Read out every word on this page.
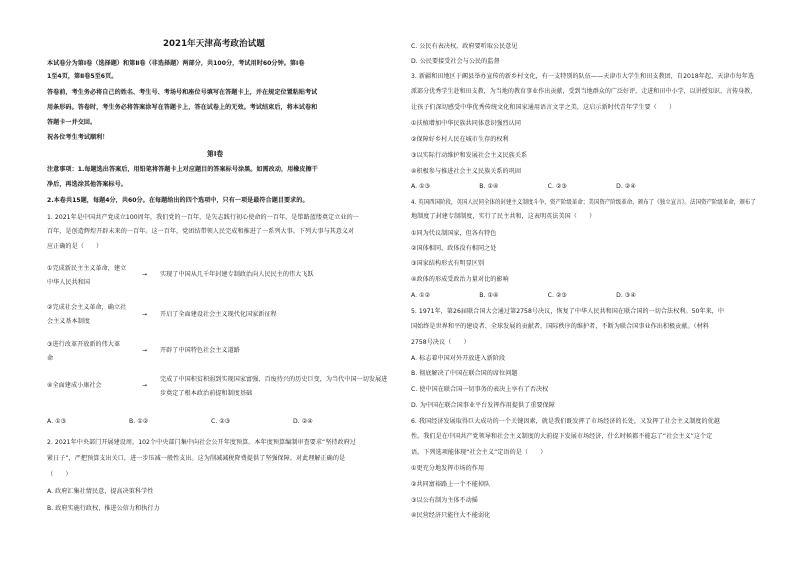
2021年天津高考政治试题
本试卷分为第Ⅰ卷（选择题）和第Ⅱ卷（非选择题）两部分，共100分，考试用时60分钟。第Ⅰ卷
1至4页，第Ⅱ卷5至6页。
答卷前，考生务必将自己的姓名、考生号、考场号和座位号填写在答题卡上，并在规定位置粘贴考试
用条形码。答卷时，考生务必将答案涂写在答题卡上，答在试卷上的无效。考试结束后，将本试卷和
答题卡一并交回。
祝各位考生考试顺利！
第Ⅰ卷
注意事项：1.每题选出答案后，用铅笔将答题卡上对应题目的答案标号涂黑。如需改动，用橡皮擦干
净后，再选涂其他答案标号。
2.本卷共15题，每题4分，共60分。在每题给出的四个选项中，只有一项是最符合题目要求的。
1. 2021年是中国共产党成立100周年，我们党的一百年，是矢志践行初心使命的一百年，是筚路蓝缕奠定立业的一
百年，是创造辉煌开辟未来的一百年。这一百年，党团结带领人民完成和推进了一系列大事。下列大事与其意义对
应正确的是（　　）
①完成新民主主义革命，建立
中华人民共和国
→ 实现了中国从几千年封建专制政治向人民民主的伟大飞跃
②完成社会主义革命，确立社
会主义基本制度
→ 开启了全面建设社会主义现代化国家新征程
③进行改革开放新的伟大革
命
→ 开辟了中国特色社会主义道路
④全面建成小康社会	→
完成了中国积贫积弱到实现国家富强、百废待兴的历史巨变，为当代中国一切发展进
步奠定了根本政治前提和制度基础
A. ①③	B. ①②	C. ②③	D. ②④
2. 2021年中央部门开展建设周，102个中央部门集中向社会公开年度预算。本年度预算编制审查要求“坚持政府过
紧日子”，严把预算支出关口，进一步压减一般性支出。这为削减减税降费提供了坚强保障。对此理解正确的是
（　　）
A. 政府汇集社情民意，提高决策科学性
B. 政府实施行政权，推进公信力和执行力
C. 公民有表决权，政府要听取公民意见
D. 公民要接受社会与公民的监督
3. 新疆和田地区于阗县举办宣传的新乡村文化，有一支特别的队伍——天津市大学生和田支教团，自2018年起，天津市每年选
派部分优秀学生赴和田支教，为当地的教育事业作出贡献，受到当地群众的广泛好评，走进和田中小学，以讲授知识、言传身教，
让孩子们深切感受中华优秀传统文化和国家通用语言文字之美，这启示新时代青年学生要（　　）
①扶植增加中华民族共同体意识强烈认同
②保障好乡村人民在城市生存的权利
③以实际行动维护和发展社会主义民族关系
④积极参与推进社会主义民族关系的巩固
A. ①③　　　　　　　　B. ①④　　　　　　　　C. ②③　　　　　　　　D. ②④
4. 英国西国阶段，英国人民同全体的封建主义制度斗争，资产阶级革命；美国资产阶级革命，颁布了《独立宣言》。法国资产阶级革命，颁布了
地制度了封建专制制度，实行了民主共和，这表明英法美国（　　）
①同为代议制国家，但各有特色
②国体相同，政体没有相同之处
③国家结构形式有明显区别
④政体的形成受政治力量对比的影响
A. ①②　　　　　　　　B. ①④　　　　　　　　C. ②③　　　　　　　　D. ③④
5. 1971年，第26届联合国大会通过第2758号决议，恢复了中华人民共和国在联合国的一切合法权利。50年来，中
国始终是世界和平的建设者、全球发展的贡献者，国际秩序的维护者，不断为联合国事业作出积极贡献。（材料
2758号决议（　　）
A. 标志着中国对外开放进入新阶段
B. 彻底解决了中国在联合国的席位问题
C. 使中国在联合国一切事务的表决上享有了否决权
D. 为中国在联合国事业平台发挥作用提供了重要保障
6. 我国经济发展取得巨大成功的一个关键因素，就是我们既发挥了市场经济的长处，又发挥了社会主义制度的优越
性。我们是在中国共产党领导和社会主义制度的大前提下发展市场经济，什么时候都不能忘了“社会主义”这个定
语。下列选项能体现“社会主义”定语的是（　　）
①更充分地发挥市场的作用
②共同富裕路上一个不能掉队
③以公有制为主体不动摇
④民营经济只能往大不能弱化
